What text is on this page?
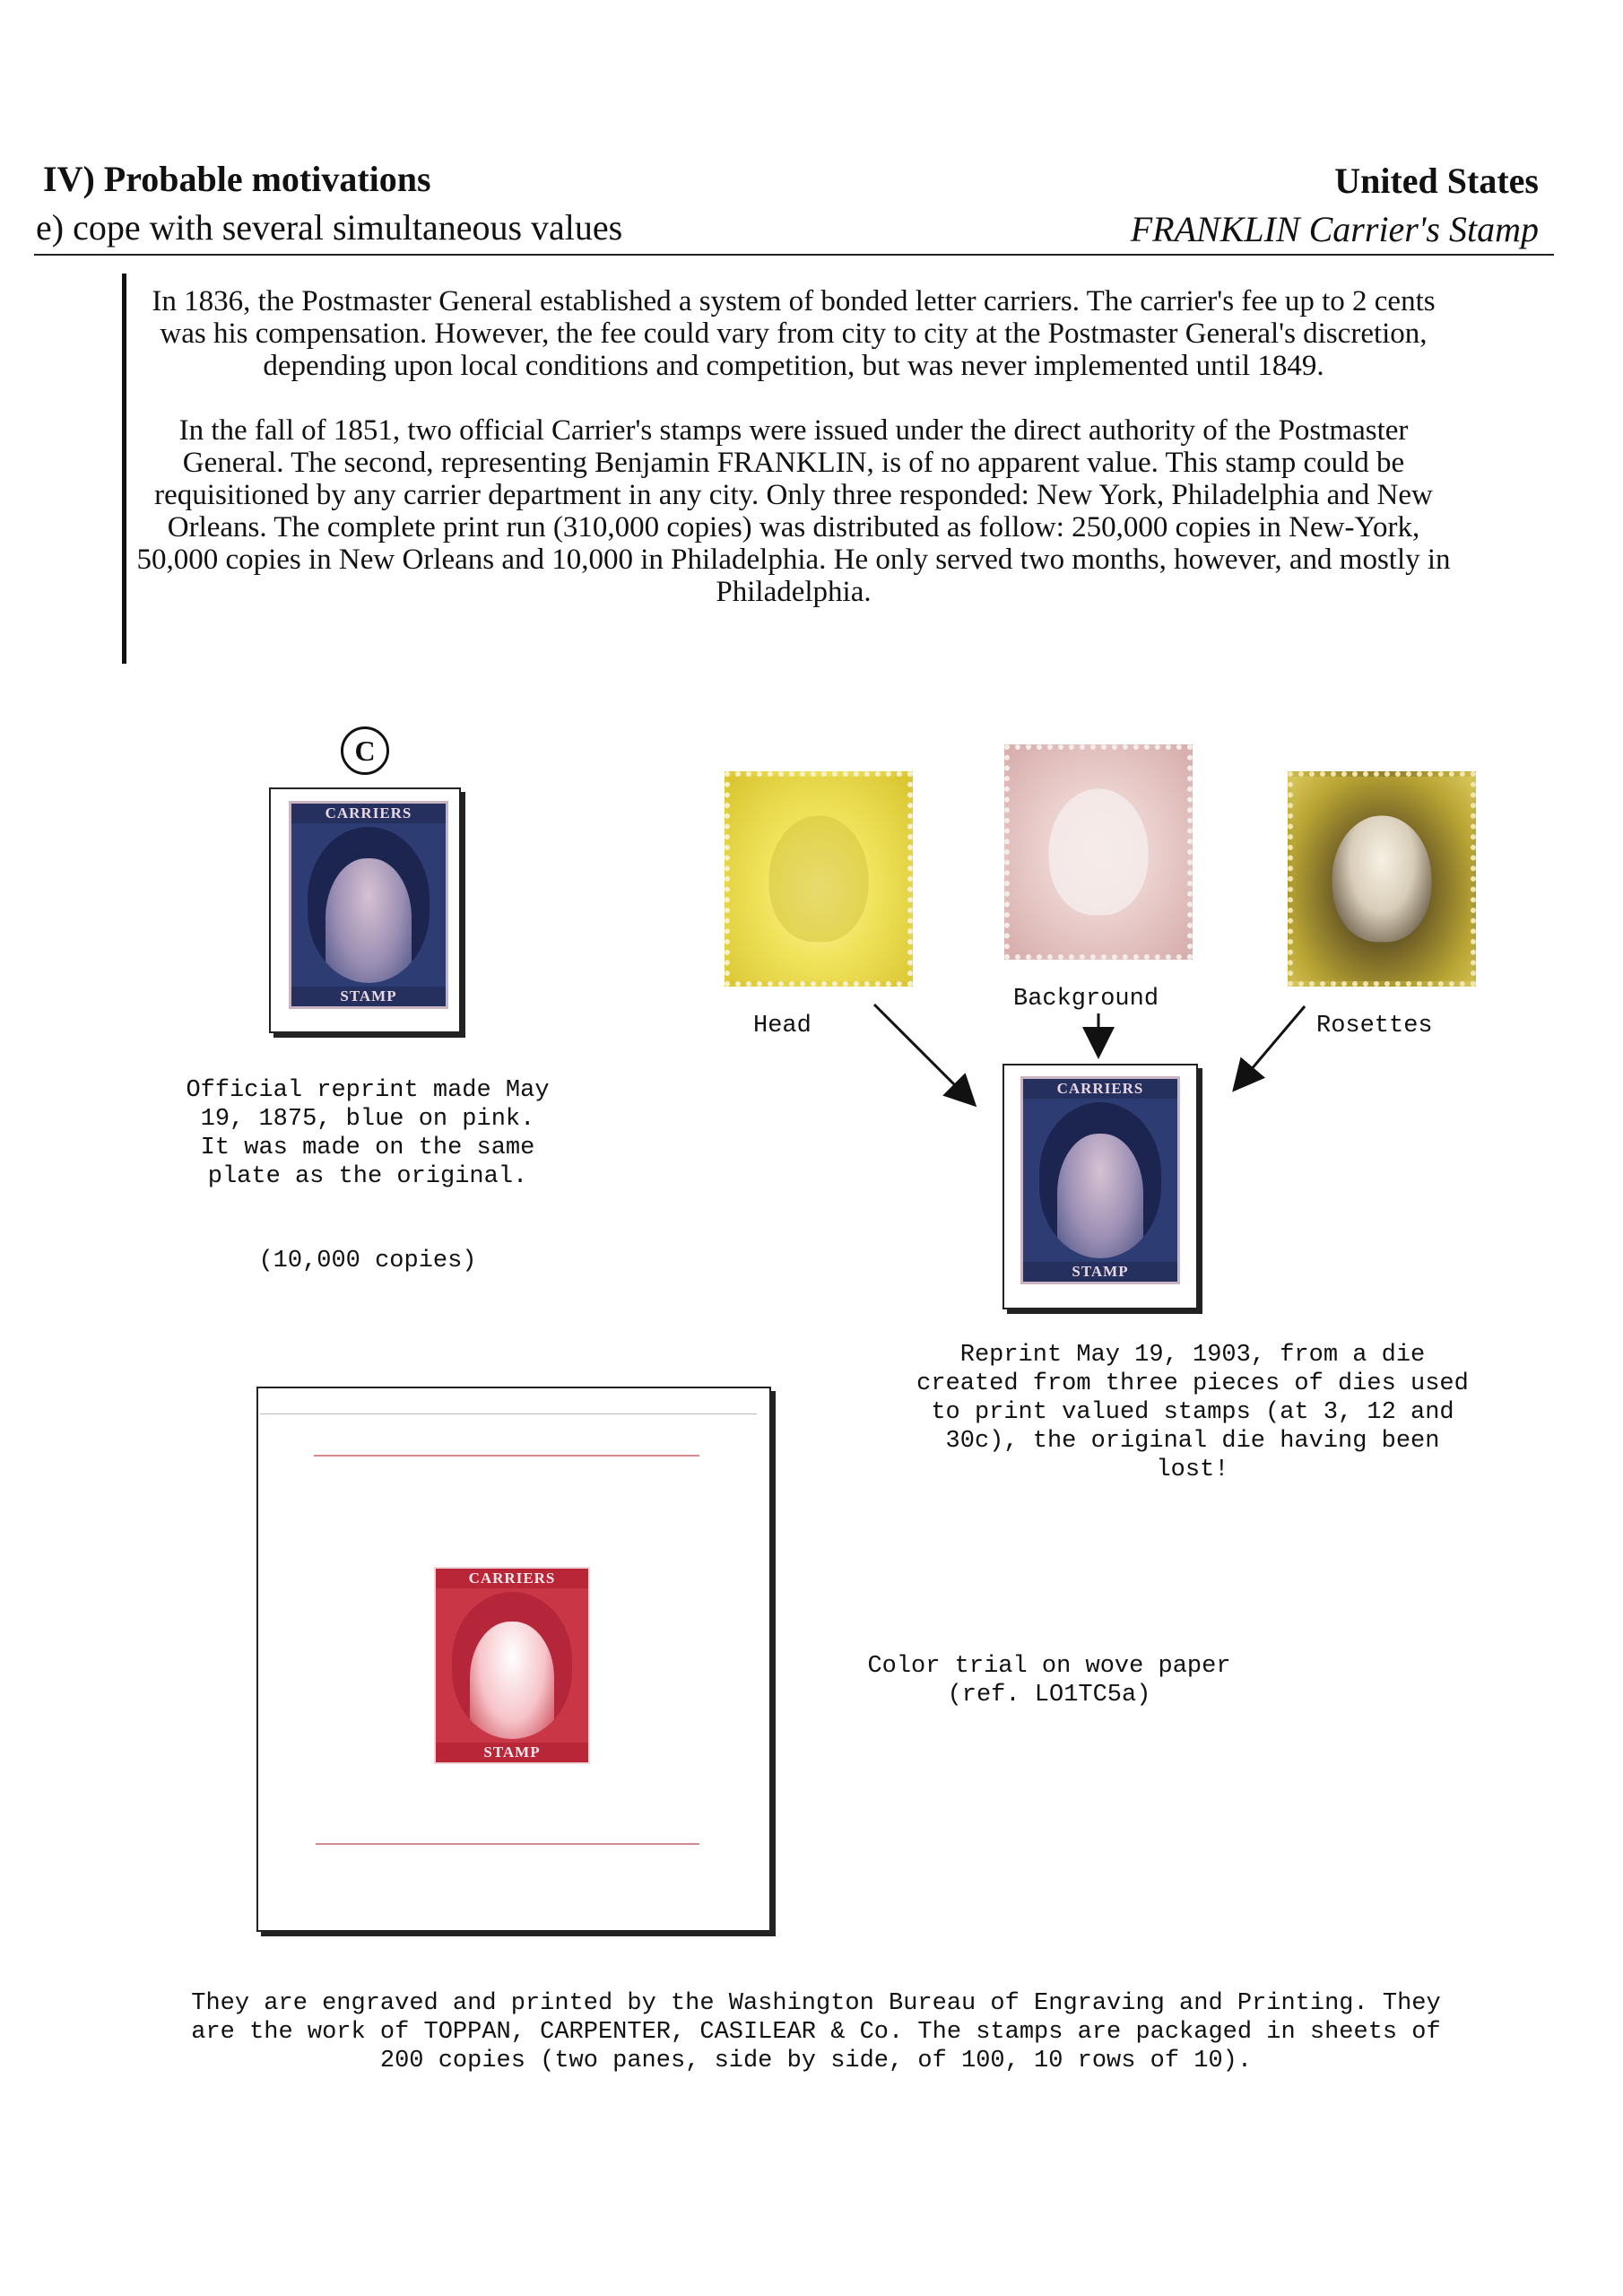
IV) Probable motivations
e) cope with several simultaneous values
United States
FRANKLIN Carrier's Stamp

In 1836, the Postmaster General established a system of bonded letter carriers. The carrier's fee up to 2 cents was his compensation. However, the fee could vary from city to city at the Postmaster General's discretion, depending upon local conditions and competition, but was never implemented until 1849.

In the fall of 1851, two official Carrier's stamps were issued under the direct authority of the Postmaster General. The second, representing Benjamin FRANKLIN, is of no apparent value. This stamp could be requisitioned by any carrier department in any city. Only three responded: New York, Philadelphia and New Orleans. The complete print run (310,000 copies) was distributed as follow: 250,000 copies in New-York, 50,000 copies in New Orleans and 10,000 in Philadelphia. He only served two months, however, and mostly in Philadelphia.

C
CARRIERS
STAMP
Official reprint made May 19, 1875, blue on pink. It was made on the same plate as the original.
(10,000 copies)
Head
Background
Rosettes
CARRIERS
STAMP
Reprint May 19, 1903, from a die created from three pieces of dies used to print valued stamps (at 3, 12 and 30c), the original die having been lost!
CARRIERS
STAMP
Color trial on wove paper
(ref. LO1TC5a)
They are engraved and printed by the Washington Bureau of Engraving and Printing. They are the work of TOPPAN, CARPENTER, CASILEAR & Co. The stamps are packaged in sheets of 200 copies (two panes, side by side, of 100, 10 rows of 10).
